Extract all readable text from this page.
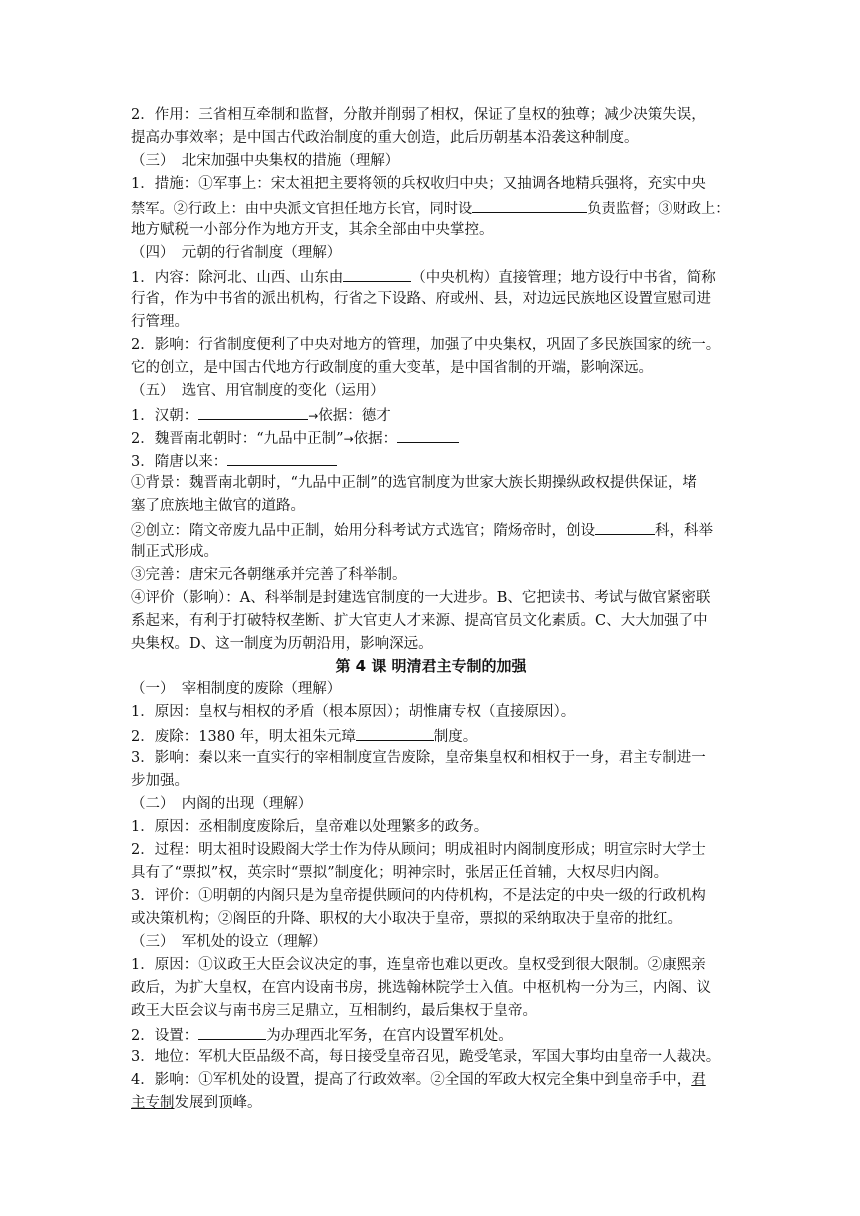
2．作用：三省相互牵制和监督，分散并削弱了相权，保证了皇权的独尊；减少决策失误，
提高办事效率；是中国古代政治制度的重大创造，此后历朝基本沿袭这种制度。
（三）　北宋加强中央集权的措施（理解）
1．措施：①军事上：宋太祖把主要将领的兵权收归中央；又抽调各地精兵强将，充实中央
禁军。②行政上：由中央派文官担任地方长官，同时设	负责监督；③财政上：
地方赋税一小部分作为地方开支，其余全部由中央掌控。
（四）　元朝的行省制度（理解）
1．内容：除河北、山西、山东由	（中央机构）直接管理；地方设行中书省，简称
行省，作为中书省的派出机构，行省之下设路、府或州、县，对边远民族地区设置宣慰司进
行管理。
2．影响：行省制度便利了中央对地方的管理，加强了中央集权，巩固了多民族国家的统一。
它的创立，是中国古代地方行政制度的重大变革，是中国省制的开端，影响深远。
（五）　选官、用官制度的变化（运用）
1．汉朝：	→依据：德才
2．魏晋南北朝时：“九品中正制”→依据：
3．隋唐以来：
①背景：魏晋南北朝时，“九品中正制”的选官制度为世家大族长期操纵政权提供保证，堵
塞了庶族地主做官的道路。
②创立：隋文帝废九品中正制，始用分科考试方式选官；隋炀帝时，创设	科，科举
制正式形成。
③完善：唐宋元各朝继承并完善了科举制。
④评价（影响）：A、科举制是封建选官制度的一大进步。B、它把读书、考试与做官紧密联
系起来，有利于打破特权垄断、扩大官吏人才来源、提高官员文化素质。C、大大加强了中
央集权。D、这一制度为历朝沿用，影响深远。
第 4 课 明清君主专制的加强
（一）　宰相制度的废除（理解）
1．原因：皇权与相权的矛盾（根本原因）；胡惟庸专权（直接原因）。
2．废除：1380 年，明太祖朱元璋	制度。
3．影响：秦以来一直实行的宰相制度宣告废除，皇帝集皇权和相权于一身，君主专制进一
步加强。
（二）　内阁的出现（理解）
1．原因：丞相制度废除后，皇帝难以处理繁多的政务。
2．过程：明太祖时设殿阁大学士作为侍从顾问；明成祖时内阁制度形成；明宣宗时大学士
具有了“票拟”权，英宗时“票拟”制度化；明神宗时，张居正任首辅，大权尽归内阁。
3．评价：①明朝的内阁只是为皇帝提供顾问的内侍机构，不是法定的中央一级的行政机构
或决策机构；②阁臣的升降、职权的大小取决于皇帝，票拟的采纳取决于皇帝的批红。
（三）　军机处的设立（理解）
1．原因：①议政王大臣会议决定的事，连皇帝也难以更改。皇权受到很大限制。②康熙亲
政后，为扩大皇权，在宫内设南书房，挑选翰林院学士入值。中枢机构一分为三，内阁、议
政王大臣会议与南书房三足鼎立，互相制约，最后集权于皇帝。
2．设置：	为办理西北军务，在宫内设置军机处。
3．地位：军机大臣品级不高，每日接受皇帝召见，跪受笔录，军国大事均由皇帝一人裁决。
4．影响：①军机处的设置，提高了行政效率。②全国的军政大权完全集中到皇帝手中，君
主专制发展到顶峰。
